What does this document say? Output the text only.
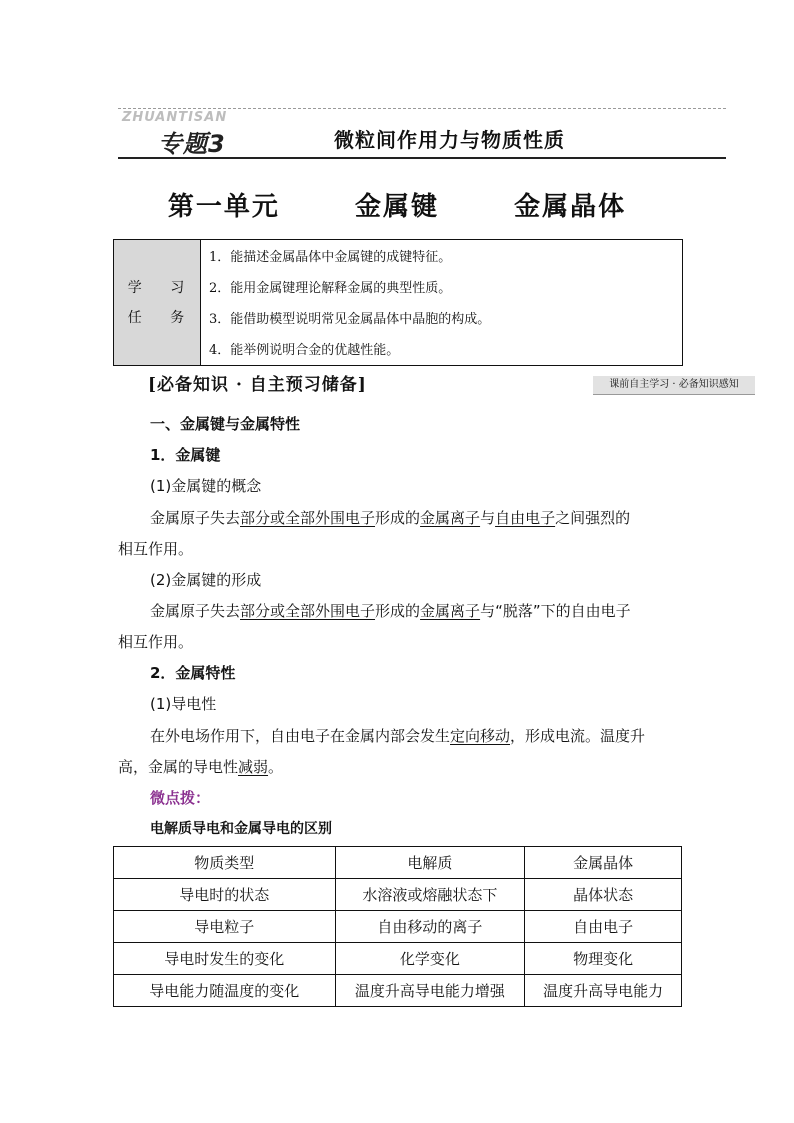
ZHUANTISAN
专题3	微粒间作用力与物质性质
第一单元   金属键   金属晶体
学 习
任 务
1．能描述金属晶体中金属键的成键特征。
2．能用金属键理论解释金属的典型性质。
3．能借助模型说明常见金属晶体中晶胞的构成。
4．能举例说明合金的优越性能。
[必备知识 · 自主预习储备]	课前自主学习 · 必备知识感知
一、金属键与金属特性
1．金属键
(1)金属键的概念
金属原子失去部分或全部外围电子形成的金属离子与自由电子之间强烈的
相互作用。
(2)金属键的形成
金属原子失去部分或全部外围电子形成的金属离子与“脱落”下的自由电子
相互作用。
2．金属特性
(1)导电性
在外电场作用下，自由电子在金属内部会发生定向移动，形成电流。温度升
高，金属的导电性减弱。
微点拨：
电解质导电和金属导电的区别
物质类型	电解质	金属晶体
导电时的状态	水溶液或熔融状态下	晶体状态
导电粒子	自由移动的离子	自由电子
导电时发生的变化	化学变化	物理变化
导电能力随温度的变化	温度升高导电能力增强	温度升高导电能力
